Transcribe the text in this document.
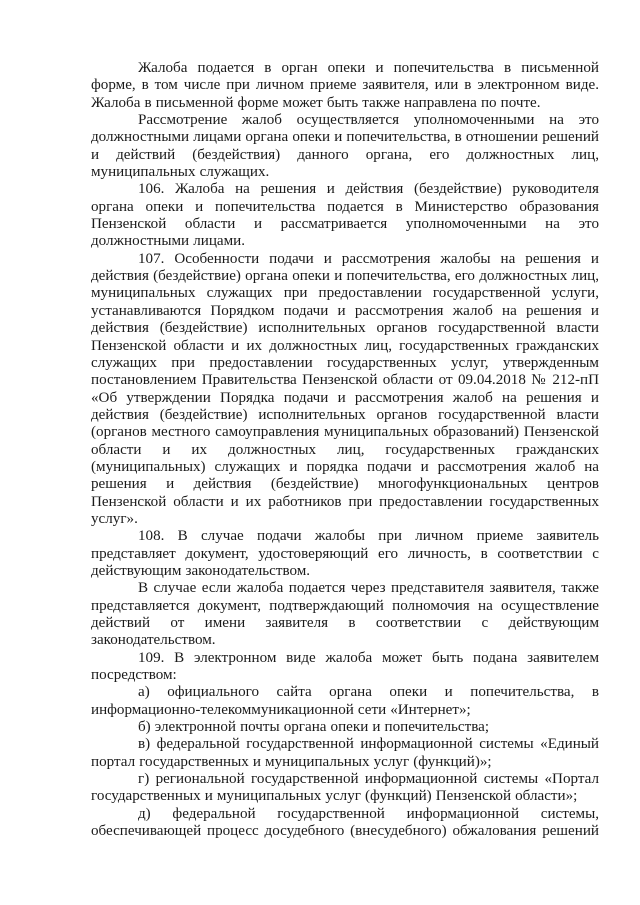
Жалоба подается в орган опеки и попечительства в письменной форме, в том числе при личном приеме заявителя, или в электронном виде. Жалоба в письменной форме может быть также направлена по почте.

Рассмотрение жалоб осуществляется уполномоченными на это должностными лицами органа опеки и попечительства, в отношении решений и действий (бездействия) данного органа, его должностных лиц, муниципальных служащих.

106. Жалоба на решения и действия (бездействие) руководителя органа опеки и попечительства подается в Министерство образования Пензенской области и рассматривается уполномоченными на это должностными лицами.

107. Особенности подачи и рассмотрения жалобы на решения и действия (бездействие) органа опеки и попечительства, его должностных лиц, муниципальных служащих при предоставлении государственной услуги, устанавливаются Порядком подачи и рассмотрения жалоб на решения и действия (бездействие) исполнительных органов государственной власти Пензенской области и их должностных лиц, государственных гражданских служащих при предоставлении государственных услуг, утвержденным постановлением Правительства Пензенской области от 09.04.2018 № 212-пП «Об утверждении Порядка подачи и рассмотрения жалоб на решения и действия (бездействие) исполнительных органов государственной власти (органов местного самоуправления муниципальных образований) Пензенской области и их должностных лиц, государственных гражданских (муниципальных) служащих и порядка подачи и рассмотрения жалоб на решения и действия (бездействие) многофункциональных центров Пензенской области и их работников при предоставлении государственных услуг».

108. В случае подачи жалобы при личном приеме заявитель представляет документ, удостоверяющий его личность, в соответствии с действующим законодательством.

В случае если жалоба подается через представителя заявителя, также представляется документ, подтверждающий полномочия на осуществление действий от имени заявителя в соответствии с действующим законодательством.

109. В электронном виде жалоба может быть подана заявителем посредством:

а) официального сайта органа опеки и попечительства, в информационно-телекоммуникационной сети «Интернет»;

б) электронной почты органа опеки и попечительства;

в) федеральной государственной информационной системы «Единый портал государственных и муниципальных услуг (функций)»;

г) региональной государственной информационной системы «Портал государственных и муниципальных услуг (функций) Пензенской области»;

д) федеральной государственной информационной системы, обеспечивающей процесс досудебного (внесудебного) обжалования решений
